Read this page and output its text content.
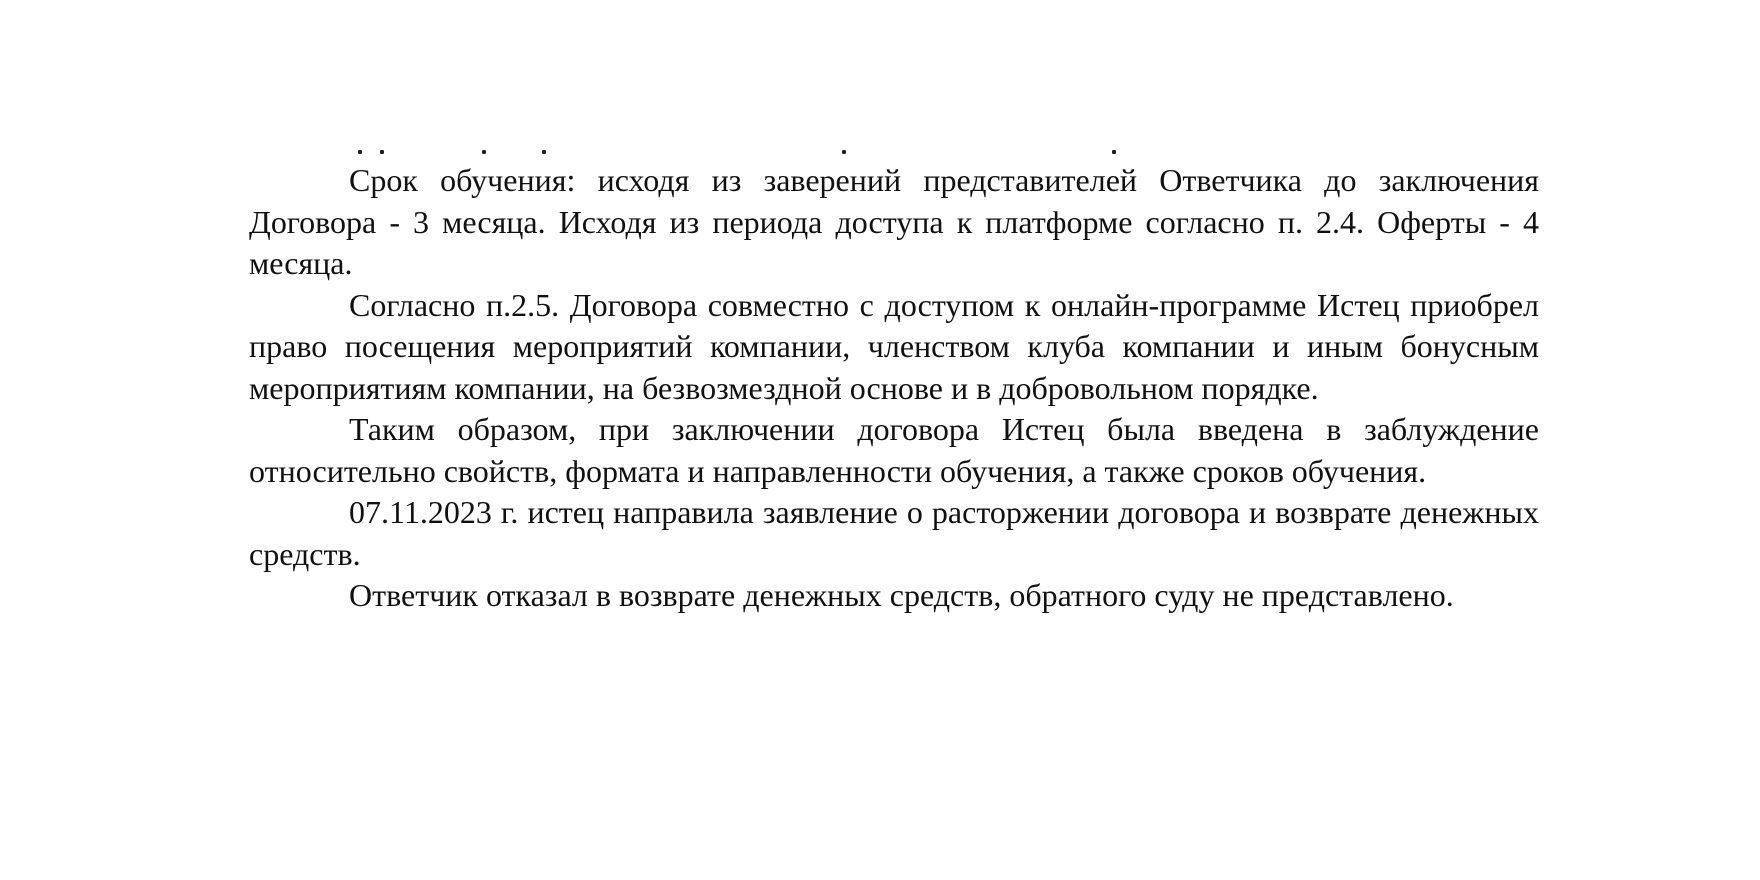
Срок обучения: исходя из заверений представителей Ответчика до заключения Договора - 3 месяца. Исходя из периода доступа к платформе согласно п. 2.4. Оферты - 4 месяца.

Согласно п.2.5. Договора совместно с доступом к онлайн-программе Истец приобрел право посещения мероприятий компании, членством клуба компании и иным бонусным мероприятиям компании, на безвозмездной основе и в добровольном порядке.

Таким образом, при заключении договора Истец была введена в заблуждение относительно свойств, формата и направленности обучения, а также сроков обучения.

07.11.2023 г. истец направила заявление о расторжении договора и возврате денежных средств.

Ответчик отказал в возврате денежных средств, обратного суду не представлено.
